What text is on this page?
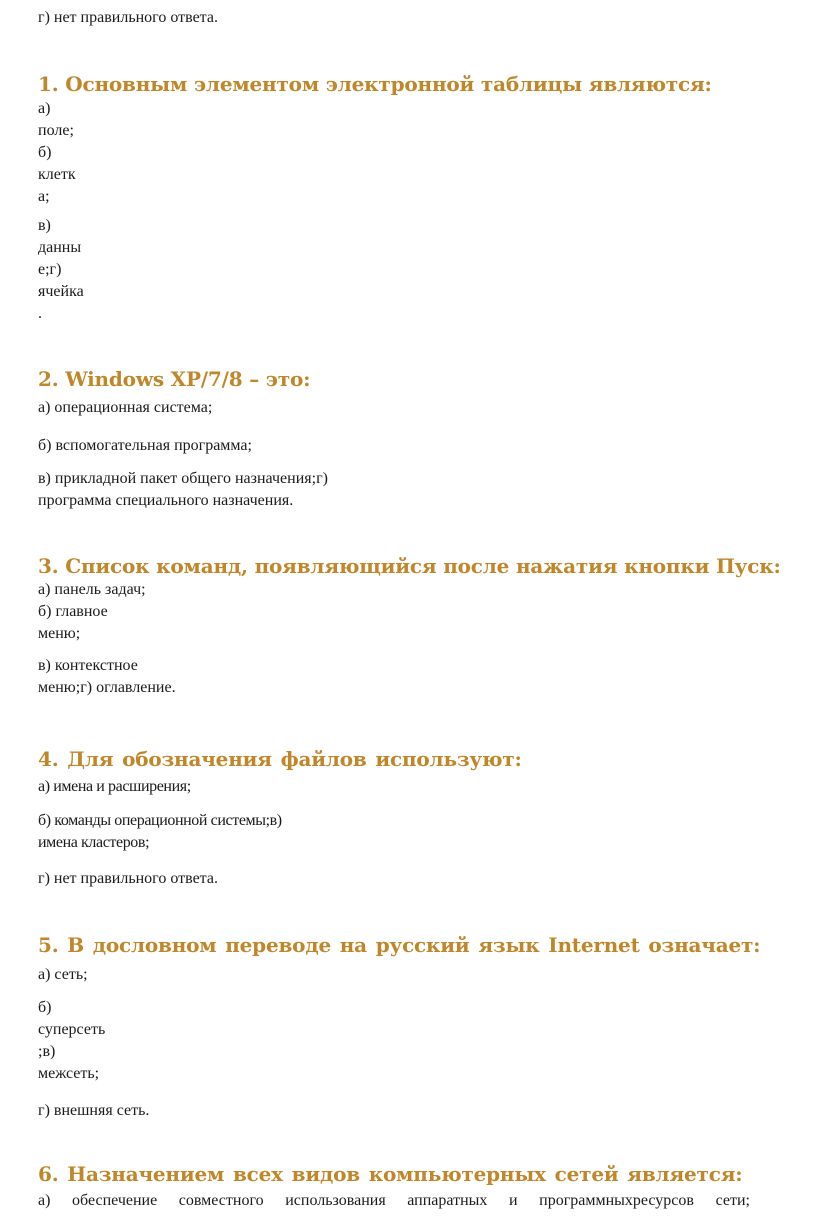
г) нет правильного ответа.
1. Основным элементом электронной таблицы являются:
а)
поле;
б)
клетк
а;
в)
данны
е;г)
ячейка
.
2. Windows XP/7/8 – это:
а) операционная система;
б) вспомогательная программа;
в) прикладной пакет общего назначения;г)
программа специального назначения.
3. Список команд, появляющийся после нажатия кнопки Пуск:
а) панель задач;
б) главное
меню;
в) контекстное
меню;г) оглавление.
4. Для обозначения файлов используют:
а) имена и расширения;
б) команды операционной системы;в)
имена кластеров;
г) нет правильного ответа.
5. В дословном переводе на русский язык Internet означает:
а) сеть;
б)
суперсеть
;в)
межсеть;
г) внешняя сеть.
6. Назначением всех видов компьютерных сетей является:
а) обеспечение совместного использования аппаратных и программныхресурсов сети;
